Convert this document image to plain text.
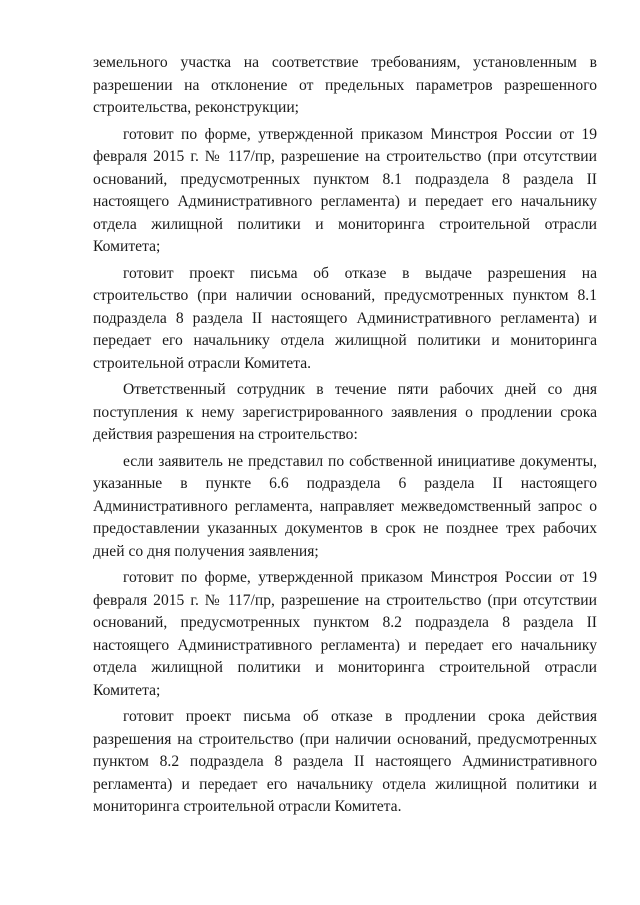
земельного участка на соответствие требованиям, установленным в разрешении на отклонение от предельных параметров разрешенного строительства, реконструкции;

готовит по форме, утвержденной приказом Минстроя России от 19 февраля 2015 г. № 117/пр, разрешение на строительство (при отсутствии оснований, предусмотренных пунктом 8.1 подраздела 8 раздела II настоящего Административного регламента) и передает его начальнику отдела жилищной политики и мониторинга строительной отрасли Комитета;

готовит проект письма об отказе в выдаче разрешения на строительство (при наличии оснований, предусмотренных пунктом 8.1 подраздела 8 раздела II настоящего Административного регламента) и передает его начальнику отдела жилищной политики и мониторинга строительной отрасли Комитета.

Ответственный сотрудник в течение пяти рабочих дней со дня поступления к нему зарегистрированного заявления о продлении срока действия разрешения на строительство:

если заявитель не представил по собственной инициативе документы, указанные в пункте 6.6 подраздела 6 раздела II настоящего Административного регламента, направляет межведомственный запрос о предоставлении указанных документов в срок не позднее трех рабочих дней со дня получения заявления;

готовит по форме, утвержденной приказом Минстроя России от 19 февраля 2015 г. № 117/пр, разрешение на строительство (при отсутствии оснований, предусмотренных пунктом 8.2 подраздела 8 раздела II настоящего Административного регламента) и передает его начальнику отдела жилищной политики и мониторинга строительной отрасли Комитета;

готовит проект письма об отказе в продлении срока действия разрешения на строительство (при наличии оснований, предусмотренных пунктом 8.2 подраздела 8 раздела II настоящего Административного регламента) и передает его начальнику отдела жилищной политики и мониторинга строительной отрасли Комитета.
